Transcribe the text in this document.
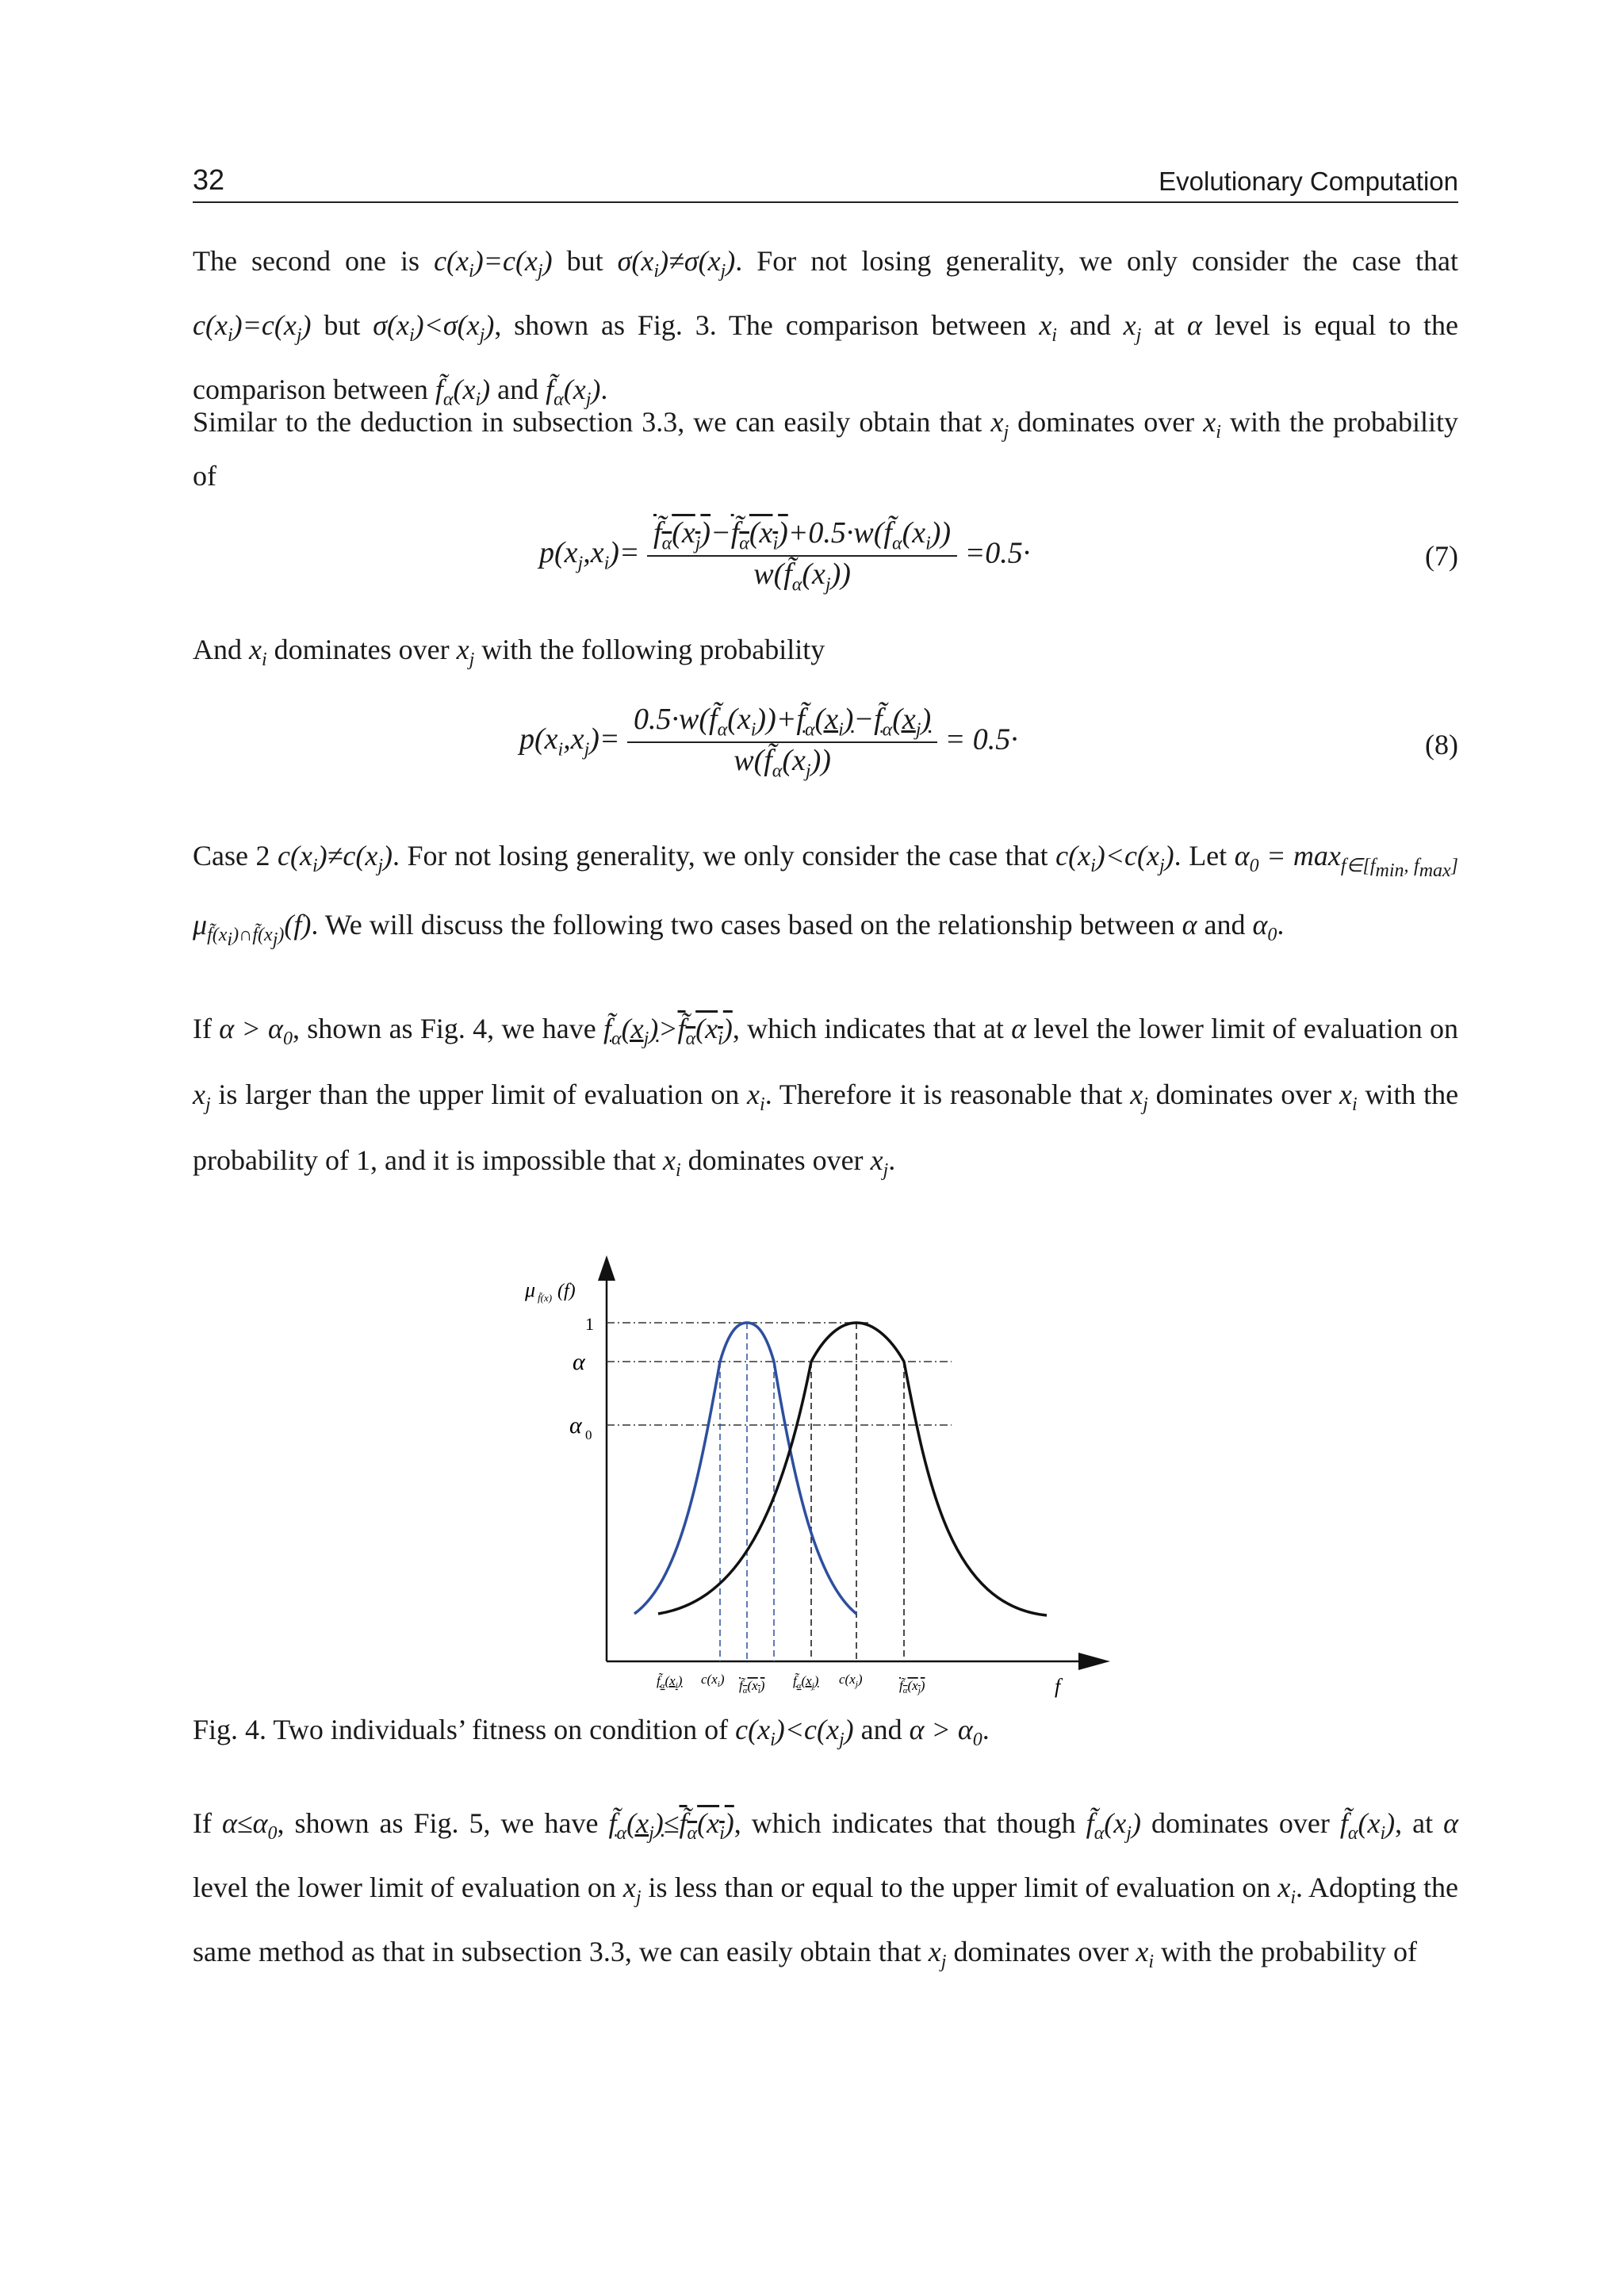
32	Evolutionary Computation
The second one is $c(x_i)=c(x_j)$ but $\sigma(x_i)\ne\sigma(x_j)$. For not losing generality, we only consider the case that $c(x_i)=c(x_j)$ but $\sigma(x_i)<\sigma(x_j)$, shown as Fig. 3. The comparison between $x_i$ and $x_j$ at α level is equal to the comparison between $f̃_\alpha(x_i)$ and $f̃_\alpha(x_j)$.
Similar to the deduction in subsection 3.3, we can easily obtain that $x_j$ dominates over $x_i$ with the probability of
$p(x_j,x_i)= \frac{f̃_\alpha(x_j)-f̃_\alpha(x_i)+0.5\cdot w(f̃_\alpha(x_i))}{w(f̃_\alpha(x_j))} =0.5\cdot$	(7)
And $x_i$ dominates over $x_j$ with the following probability
$p(x_i,x_j)= \frac{0.5\cdot w(f̃_\alpha(x_i))+f̃_\alpha(x_i)-f̃_\alpha(x_j)}{w(f̃_\alpha(x_j))} = 0.5\cdot$	(8)
Case 2 $c(x_i)\ne c(x_j)$. For not losing generality, we only consider the case that $c(x_i)<c(x_j)$. Let $\alpha_0 = \max_{f\in[f_{min}, f_{max}]} \mu_{f̃(x_i)\cap f̃(x_j)}(f)$. We will discuss the following two cases based on the relationship between α and $\alpha_0$.
If $\alpha > \alpha_0$, shown as Fig. 4, we have $f̃_\alpha(x_j)>f̃_\alpha(x_i)$, which indicates that at α level the lower limit of evaluation on $x_j$ is larger than the upper limit of evaluation on $x_i$. Therefore it is reasonable that $x_j$ dominates over $x_i$ with the probability of 1, and it is impossible that $x_i$ dominates over $x_j$.
μ f̃(x) (f)
1
α
α 0
f
$f̃_\alpha(x_i)$ $c(x_i)$ $f̃_\alpha(x_i)$ $f̃_\alpha(x_j)$ $c(x_j)$	$f̃_\alpha(x_j)$
Fig. 4. Two individuals’ fitness on condition of $c(x_i)<c(x_j)$ and $\alpha > \alpha_0$.
If $\alpha\le\alpha_0$, shown as Fig. 5, we have $f̃_\alpha(x_j)\le f̃_\alpha(x_i)$, which indicates that though $f̃_\alpha(x_j)$ dominates over $f̃_\alpha(x_i)$, at α level the lower limit of evaluation on $x_j$ is less than or equal to the upper limit of evaluation on $x_i$. Adopting the same method as that in subsection 3.3, we can easily obtain that $x_j$ dominates over $x_i$ with the probability of
